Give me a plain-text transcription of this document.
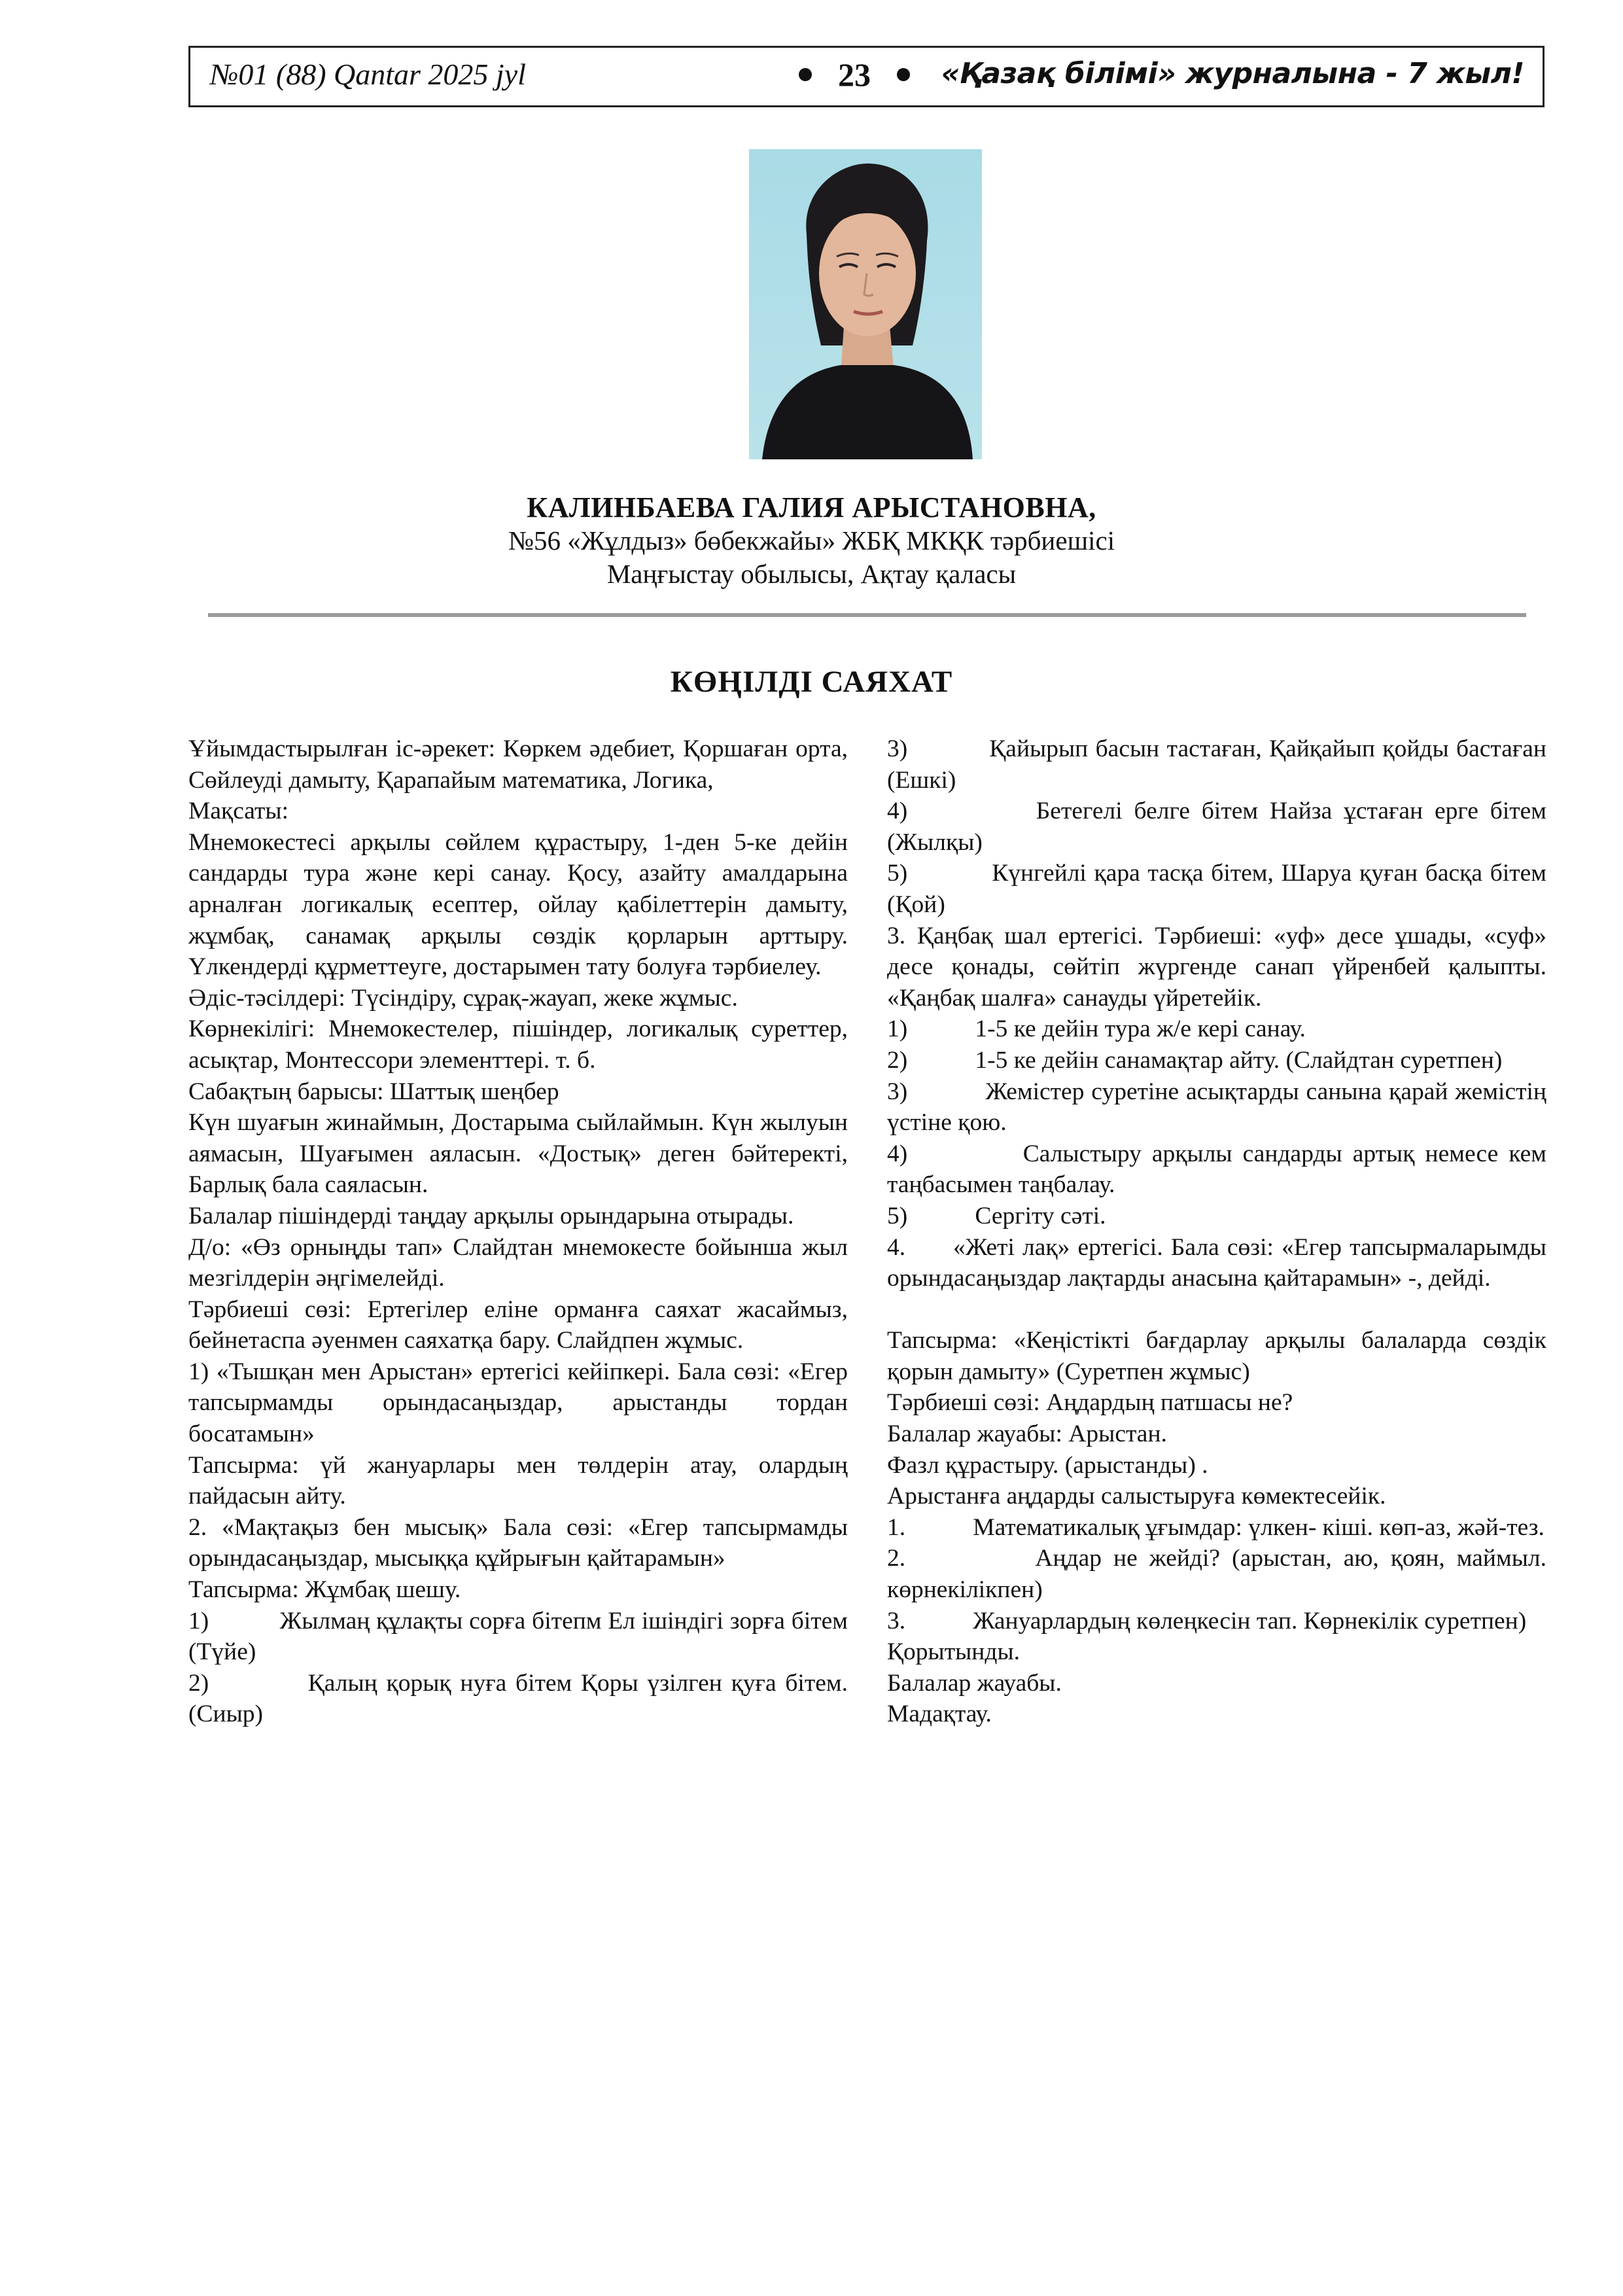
№01 (88) Qantar 2025 jyl	23 «Қазақ білімі» журналына - 7 жыл!
КАЛИНБАЕВА ГАЛИЯ АРЫСТАНОВНА,
№56 «Жұлдыз» бөбекжайы» ЖБҚ МКҚК тәрбиешісі
Маңғыстау обылысы, Ақтау қаласы
КӨҢІЛДІ САЯХАТ

Ұйымдастырылған іс-әрекет: Көркем әдебиет, Қоршаған орта, Сөйлеуді дамыту, Қарапайым математика, Логика,

Мақсаты:

Мнемокестесі арқылы сөйлем құрастыру, 1-ден 5-ке дейін сандарды тура және кері санау. Қосу, азайту амалдарына арналған логикалық есептер, ойлау қабілеттерін дамыту, жұмбақ, санамақ арқылы сөздік қорларын арттыру. Үлкендерді құрметтеуге, достарымен тату болуға тәрбиелеу.

Әдіс-тәсілдері: Түсіндіру, сұрақ-жауап, жеке жұмыс.

Көрнекілігі: Мнемокестелер, пішіндер, логикалық суреттер, асықтар, Монтессори элементтері. т. б.

Сабақтың барысы: Шаттық шеңбер

Күн шуағын жинаймын, Достарыма сыйлаймын. Күн жылуын аямасын, Шуағымен аяласын. «Достық» деген бәйтеректі, Барлық бала саяласын.

Балалар пішіндерді таңдау арқылы орындарына отырады.

Д/о: «Өз орныңды тап» Слайдтан мнемокесте бойынша жыл мезгілдерін әңгімелейді.

Тәрбиеші сөзі: Ертегілер еліне орманға саяхат жасаймыз, бейнетаспа әуенмен саяхатқа бару. Слайдпен жұмыс.

1) «Тышқан мен Арыстан» ертегісі кейіпкері. Бала сөзі: «Егер тапсырмамды орындасаңыздар, арыстанды тордан босатамын»

Тапсырма: үй жануарлары мен төлдерін атау, олардың пайдасын айту.

2. «Мақтақыз бен мысық» Бала сөзі: «Егер тапсырмамды орындасаңыздар, мысыққа құйрығын қайтарамын»

Тапсырма: Жұмбақ шешу.

1)           Жылмаң құлақты сорға бітепм Ел ішіндігі зорға бітем (Түйе)

2)           Қалың қорық нуға бітем Қоры үзілген қуға бітем. (Сиыр)

3)           Қайырып басын тастаған, Қайқайып қойды бастаған (Ешкі)

4)           Бетегелі белге бітем Найза ұстаған ерге бітем (Жылқы)

5)           Күнгейлі қара тасқа бітем, Шаруа қуған басқа бітем (Қой)

3. Қаңбақ шал ертегісі. Тәрбиеші: «уф» десе ұшады, «суф» десе қонады, сөйтіп жүргенде санап үйренбей қалыпты. «Қаңбақ шалға» санауды үйретейік.

1)           1-5 ке дейін тура ж/е кері санау.

2)           1-5 ке дейін санамақтар айту. (Слайдтан суретпен)

3)           Жемістер суретіне асықтарды санына қарай жемістің үстіне қою.

4)           Салыстыру арқылы сандарды артық немесе кем таңбасымен таңбалау.

5)           Сергіту сәті.

4.      «Жеті лақ» ертегісі. Бала сөзі: «Егер тапсырмаларымды орындасаңыздар лақтарды анасына қайтарамын» -, дейді.

Тапсырма: «Кеңістікті бағдарлау арқылы балаларда сөздік қорын дамыту» (Суретпен жұмыс)

Тәрбиеші сөзі: Аңдардың патшасы не?

Балалар жауабы: Арыстан.

Фазл құрастыру. (арыстанды) .

Арыстанға аңдарды салыстыруға көмектесейік.

1.           Математикалық ұғымдар: үлкен- кіші. көп-аз, жәй-тез.

2.           Аңдар не жейді? (арыстан, аю, қоян, маймыл. көрнекілікпен)

3.           Жануарлардың көлеңкесін тап. Көрнекілік суретпен)

Қорытынды.

Балалар жауабы.

Мадақтау.
